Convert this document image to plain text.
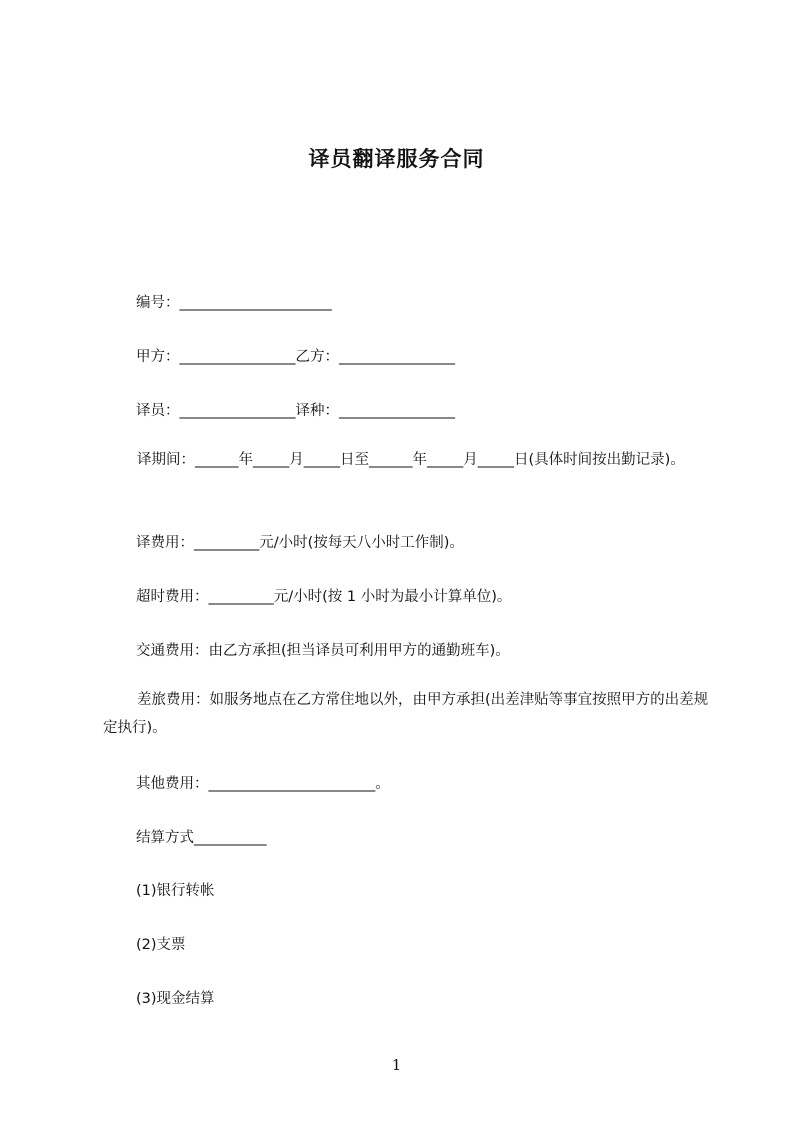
译员翻译服务合同

编号：_____________________

甲方：________________乙方：________________

译员：________________译种：________________

译期间：______年_____月_____日至______年_____月_____日(具体时间按出勤记录)。

译费用：_________元/小时(按每天八小时工作制)。

超时费用：_________元/小时(按 1 小时为最小计算单位)。

交通费用：由乙方承担(担当译员可利用甲方的通勤班车)。

差旅费用：如服务地点在乙方常住地以外，由甲方承担(出差津贴等事宜按照甲方的出差规定执行)。

其他费用：_______________________。

结算方式__________

(1)银行转帐

(2)支票

(3)现金结算

1
